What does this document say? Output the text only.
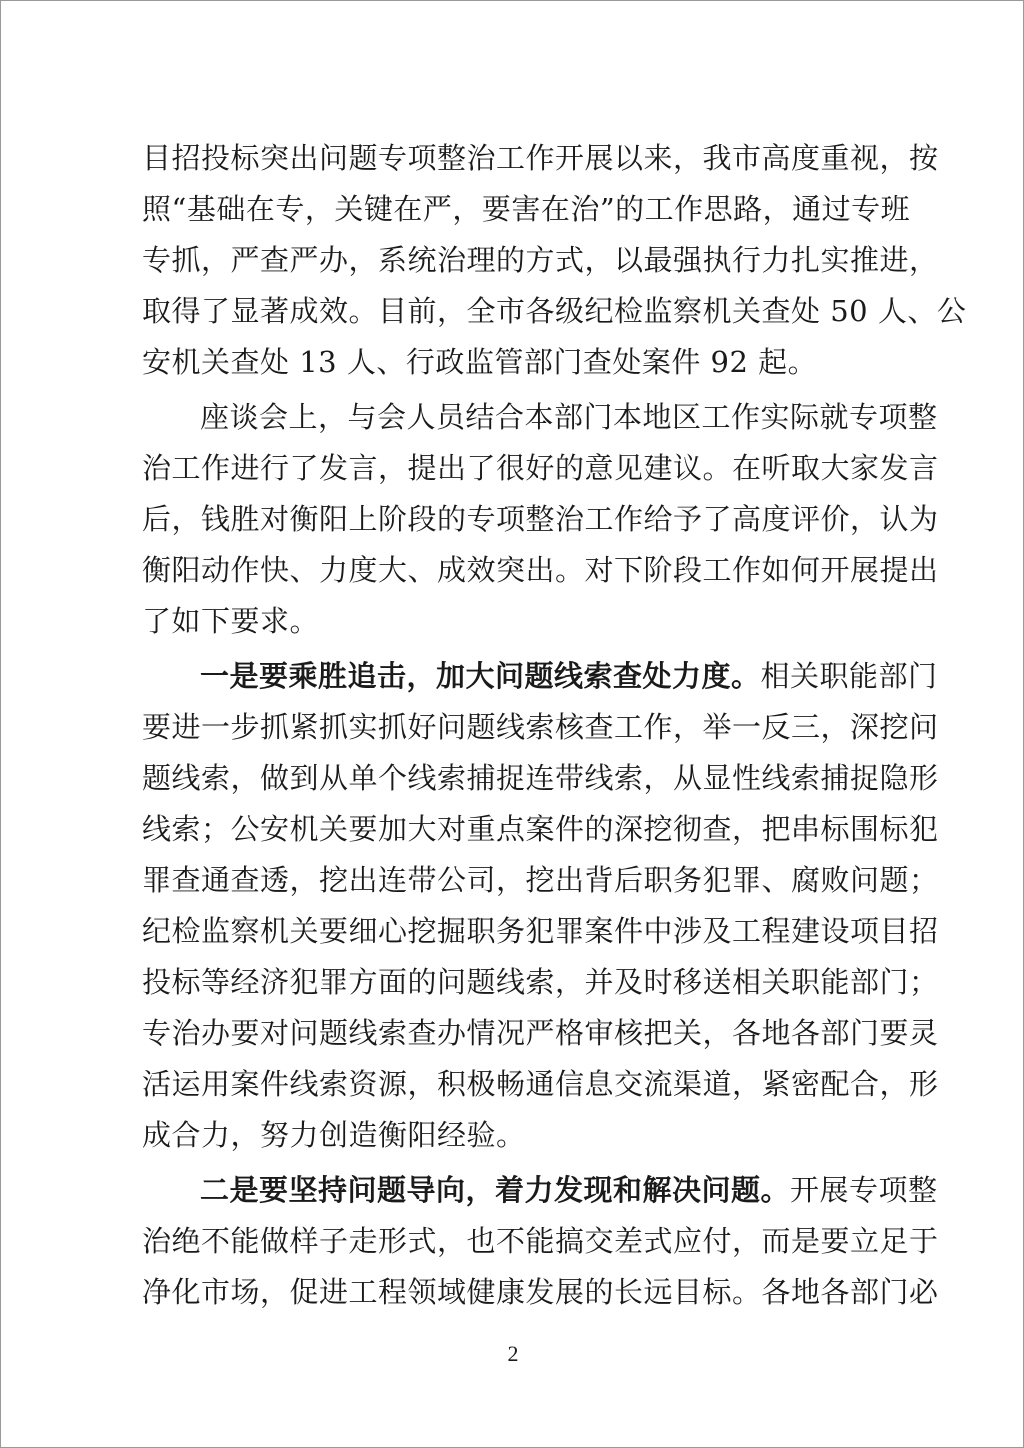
目招投标突出问题专项整治工作开展以来，我市高度重视，按
照“基础在专，关键在严，要害在治”的工作思路，通过专班
专抓，严查严办，系统治理的方式，以最强执行力扎实推进，
取得了显著成效。目前，全市各级纪检监察机关查处 50 人、公
安机关查处 13 人、行政监管部门查处案件 92 起。
座谈会上，与会人员结合本部门本地区工作实际就专项整
治工作进行了发言，提出了很好的意见建议。在听取大家发言
后，钱胜对衡阳上阶段的专项整治工作给予了高度评价，认为
衡阳动作快、力度大、成效突出。对下阶段工作如何开展提出
了如下要求。
一是要乘胜追击，加大问题线索查处力度。相关职能部门
要进一步抓紧抓实抓好问题线索核查工作，举一反三，深挖问
题线索，做到从单个线索捕捉连带线索，从显性线索捕捉隐形
线索；公安机关要加大对重点案件的深挖彻查，把串标围标犯
罪查通查透，挖出连带公司，挖出背后职务犯罪、腐败问题；
纪检监察机关要细心挖掘职务犯罪案件中涉及工程建设项目招
投标等经济犯罪方面的问题线索，并及时移送相关职能部门；
专治办要对问题线索查办情况严格审核把关，各地各部门要灵
活运用案件线索资源，积极畅通信息交流渠道，紧密配合，形
成合力，努力创造衡阳经验。
二是要坚持问题导向，着力发现和解决问题。开展专项整
治绝不能做样子走形式，也不能搞交差式应付，而是要立足于
净化市场，促进工程领域健康发展的长远目标。各地各部门必
2
